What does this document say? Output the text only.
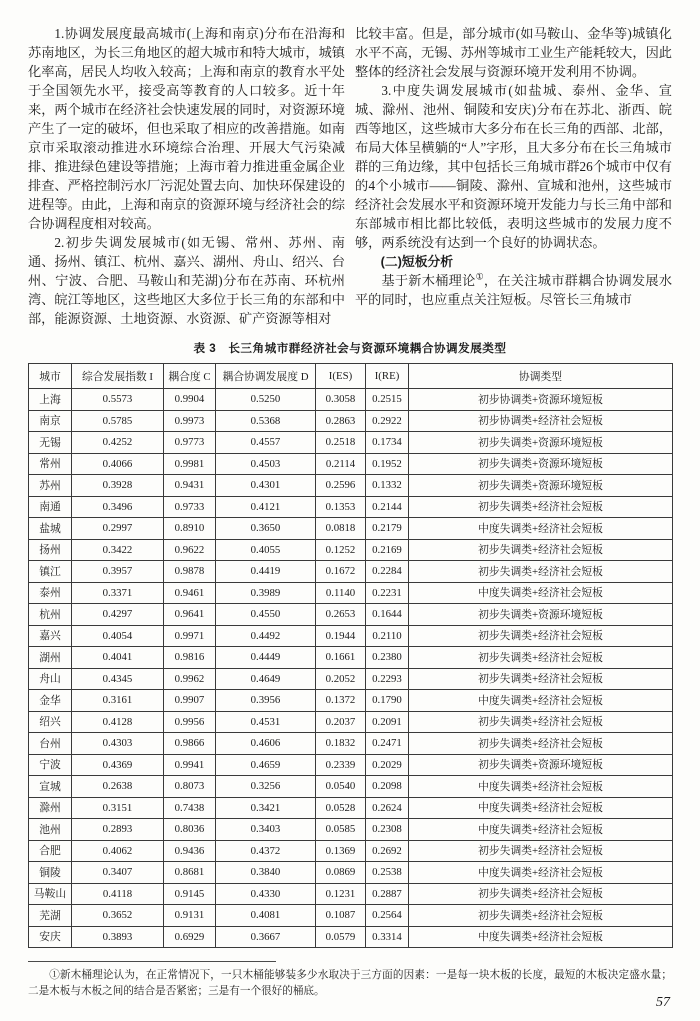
1.协调发展度最高城市(上海和南京)分布在沿海和苏南地区，为长三角地区的超大城市和特大城市，城镇化率高，居民人均收入较高；上海和南京的教育水平处于全国领先水平，接受高等教育的人口较多。近十年来，两个城市在经济社会快速发展的同时，对资源环境产生了一定的破坏，但也采取了相应的改善措施。如南京市采取滚动推进水环境综合治理、开展大气污染减排、推进绿色建设等措施；上海市着力推进重金属企业排查、严格控制污水厂污泥处置去向、加快环保建设的进程等。由此，上海和南京的资源环境与经济社会的综合协调程度相对较高。

2.初步失调发展城市(如无锡、常州、苏州、南通、扬州、镇江、杭州、嘉兴、湖州、舟山、绍兴、台州、宁波、合肥、马鞍山和芜湖)分布在苏南、环杭州湾、皖江等地区，这些地区大多位于长三角的东部和中部，能源资源、土地资源、水资源、矿产资源等相对

比较丰富。但是，部分城市(如马鞍山、金华等)城镇化水平不高，无锡、苏州等城市工业生产能耗较大，因此整体的经济社会发展与资源环境开发利用不协调。

3.中度失调发展城市(如盐城、泰州、金华、宣城、滁州、池州、铜陵和安庆)分布在苏北、浙西、皖西等地区，这些城市大多分布在长三角的西部、北部，布局大体呈横躺的“人”字形，且大多分布在长三角城市群的三角边缘，其中包括长三角城市群26个城市中仅有的4个小城市——铜陵、滁州、宣城和池州，这些城市经济社会发展水平和资源环境开发能力与长三角中部和东部城市相比都比较低，表明这些城市的发展力度不够，两系统没有达到一个良好的协调状态。

(二)短板分析

基于新木桶理论①，在关注城市群耦合协调发展水平的同时，也应重点关注短板。尽管长三角城市

表 3　长三角城市群经济社会与资源环境耦合协调发展类型
城市	综合发展指数 I	耦合度 C	耦合协调发展度 D	I(ES)	I(RE)	协调类型
上海	0.5573	0.9904	0.5250	0.3058	0.2515	初步协调类+资源环境短板
南京	0.5785	0.9973	0.5368	0.2863	0.2922	初步协调类+经济社会短板
无锡	0.4252	0.9773	0.4557	0.2518	0.1734	初步失调类+资源环境短板
常州	0.4066	0.9981	0.4503	0.2114	0.1952	初步失调类+资源环境短板
苏州	0.3928	0.9431	0.4301	0.2596	0.1332	初步失调类+资源环境短板
南通	0.3496	0.9733	0.4121	0.1353	0.2144	初步失调类+经济社会短板
盐城	0.2997	0.8910	0.3650	0.0818	0.2179	中度失调类+经济社会短板
扬州	0.3422	0.9622	0.4055	0.1252	0.2169	初步失调类+经济社会短板
镇江	0.3957	0.9878	0.4419	0.1672	0.2284	初步失调类+经济社会短板
泰州	0.3371	0.9461	0.3989	0.1140	0.2231	中度失调类+经济社会短板
杭州	0.4297	0.9641	0.4550	0.2653	0.1644	初步失调类+资源环境短板
嘉兴	0.4054	0.9971	0.4492	0.1944	0.2110	初步失调类+经济社会短板
湖州	0.4041	0.9816	0.4449	0.1661	0.2380	初步失调类+经济社会短板
舟山	0.4345	0.9962	0.4649	0.2052	0.2293	初步失调类+经济社会短板
金华	0.3161	0.9907	0.3956	0.1372	0.1790	中度失调类+经济社会短板
绍兴	0.4128	0.9956	0.4531	0.2037	0.2091	初步失调类+经济社会短板
台州	0.4303	0.9866	0.4606	0.1832	0.2471	初步失调类+经济社会短板
宁波	0.4369	0.9941	0.4659	0.2339	0.2029	初步失调类+资源环境短板
宣城	0.2638	0.8073	0.3256	0.0540	0.2098	中度失调类+经济社会短板
滁州	0.3151	0.7438	0.3421	0.0528	0.2624	中度失调类+经济社会短板
池州	0.2893	0.8036	0.3403	0.0585	0.2308	中度失调类+经济社会短板
合肥	0.4062	0.9436	0.4372	0.1369	0.2692	初步失调类+经济社会短板
铜陵	0.3407	0.8681	0.3840	0.0869	0.2538	中度失调类+经济社会短板
马鞍山	0.4118	0.9145	0.4330	0.1231	0.2887	初步失调类+经济社会短板
芜湖	0.3652	0.9131	0.4081	0.1087	0.2564	初步失调类+经济社会短板
安庆	0.3893	0.6929	0.3667	0.0579	0.3314	中度失调类+经济社会短板

①新木桶理论认为，在正常情况下，一只木桶能够装多少水取决于三方面的因素：一是每一块木板的长度，最短的木板决定盛水量；二是木板与木板之间的结合是否紧密；三是有一个很好的桶底。

57
